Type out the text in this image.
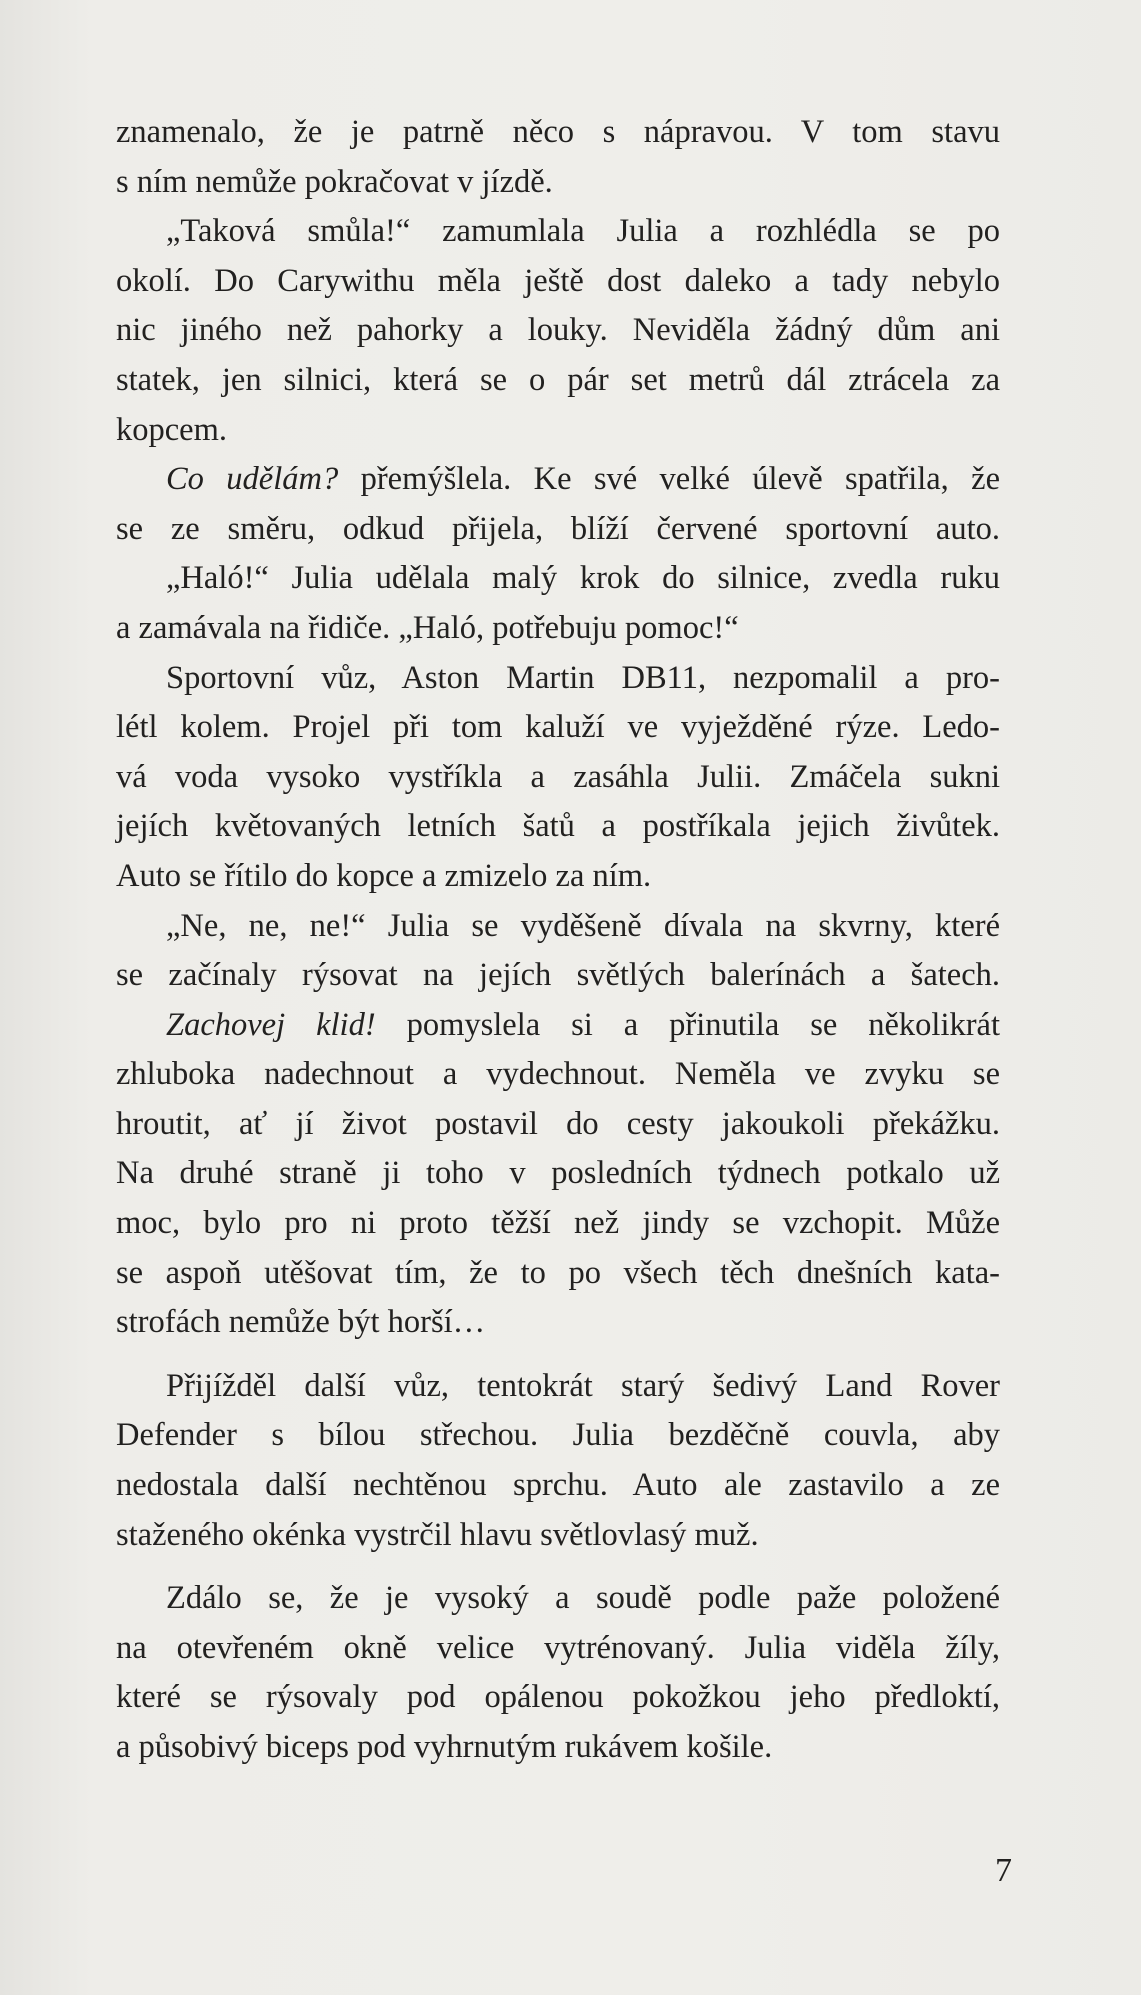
znamenalo, že je patrně něco s nápravou. V tom stavu
s ním nemůže pokračovat v jízdě.
„Taková smůla!“ zamumlala Julia a rozhlédla se po
okolí. Do Carywithu měla ještě dost daleko a tady nebylo
nic jiného než pahorky a louky. Neviděla žádný dům ani
statek, jen silnici, která se o pár set metrů dál ztrácela za
kopcem.
Co udělám? přemýšlela. Ke své velké úlevě spatřila, že
se ze směru, odkud přijela, blíží červené sportovní auto.
„Haló!“ Julia udělala malý krok do silnice, zvedla ruku
a zamávala na řidiče. „Haló, potřebuju pomoc!“
Sportovní vůz, Aston Martin DB11, nezpomalil a pro-
létl kolem. Projel při tom kaluží ve vyježděné rýze. Ledo-
vá voda vysoko vystříkla a zasáhla Julii. Zmáčela sukni
jejích květovaných letních šatů a postříkala jejich živůtek.
Auto se řítilo do kopce a zmizelo za ním.
„Ne, ne, ne!“ Julia se vyděšeně dívala na skvrny, které
se začínaly rýsovat na jejích světlých balerínách a šatech.
Zachovej klid! pomyslela si a přinutila se několikrát
zhluboka nadechnout a vydechnout. Neměla ve zvyku se
hroutit, ať jí život postavil do cesty jakoukoli překážku.
Na druhé straně ji toho v posledních týdnech potkalo už
moc, bylo pro ni proto těžší než jindy se vzchopit. Může
se aspoň utěšovat tím, že to po všech těch dnešních kata-
strofách nemůže být horší…
Přijížděl další vůz, tentokrát starý šedivý Land Rover
Defender s bílou střechou. Julia bezděčně couvla, aby
nedostala další nechtěnou sprchu. Auto ale zastavilo a ze
staženého okénka vystrčil hlavu světlovlasý muž.
Zdálo se, že je vysoký a soudě podle paže položené
na otevřeném okně velice vytrénovaný. Julia viděla žíly,
které se rýsovaly pod opálenou pokožkou jeho předloktí,
a působivý biceps pod vyhrnutým rukávem košile.
7
